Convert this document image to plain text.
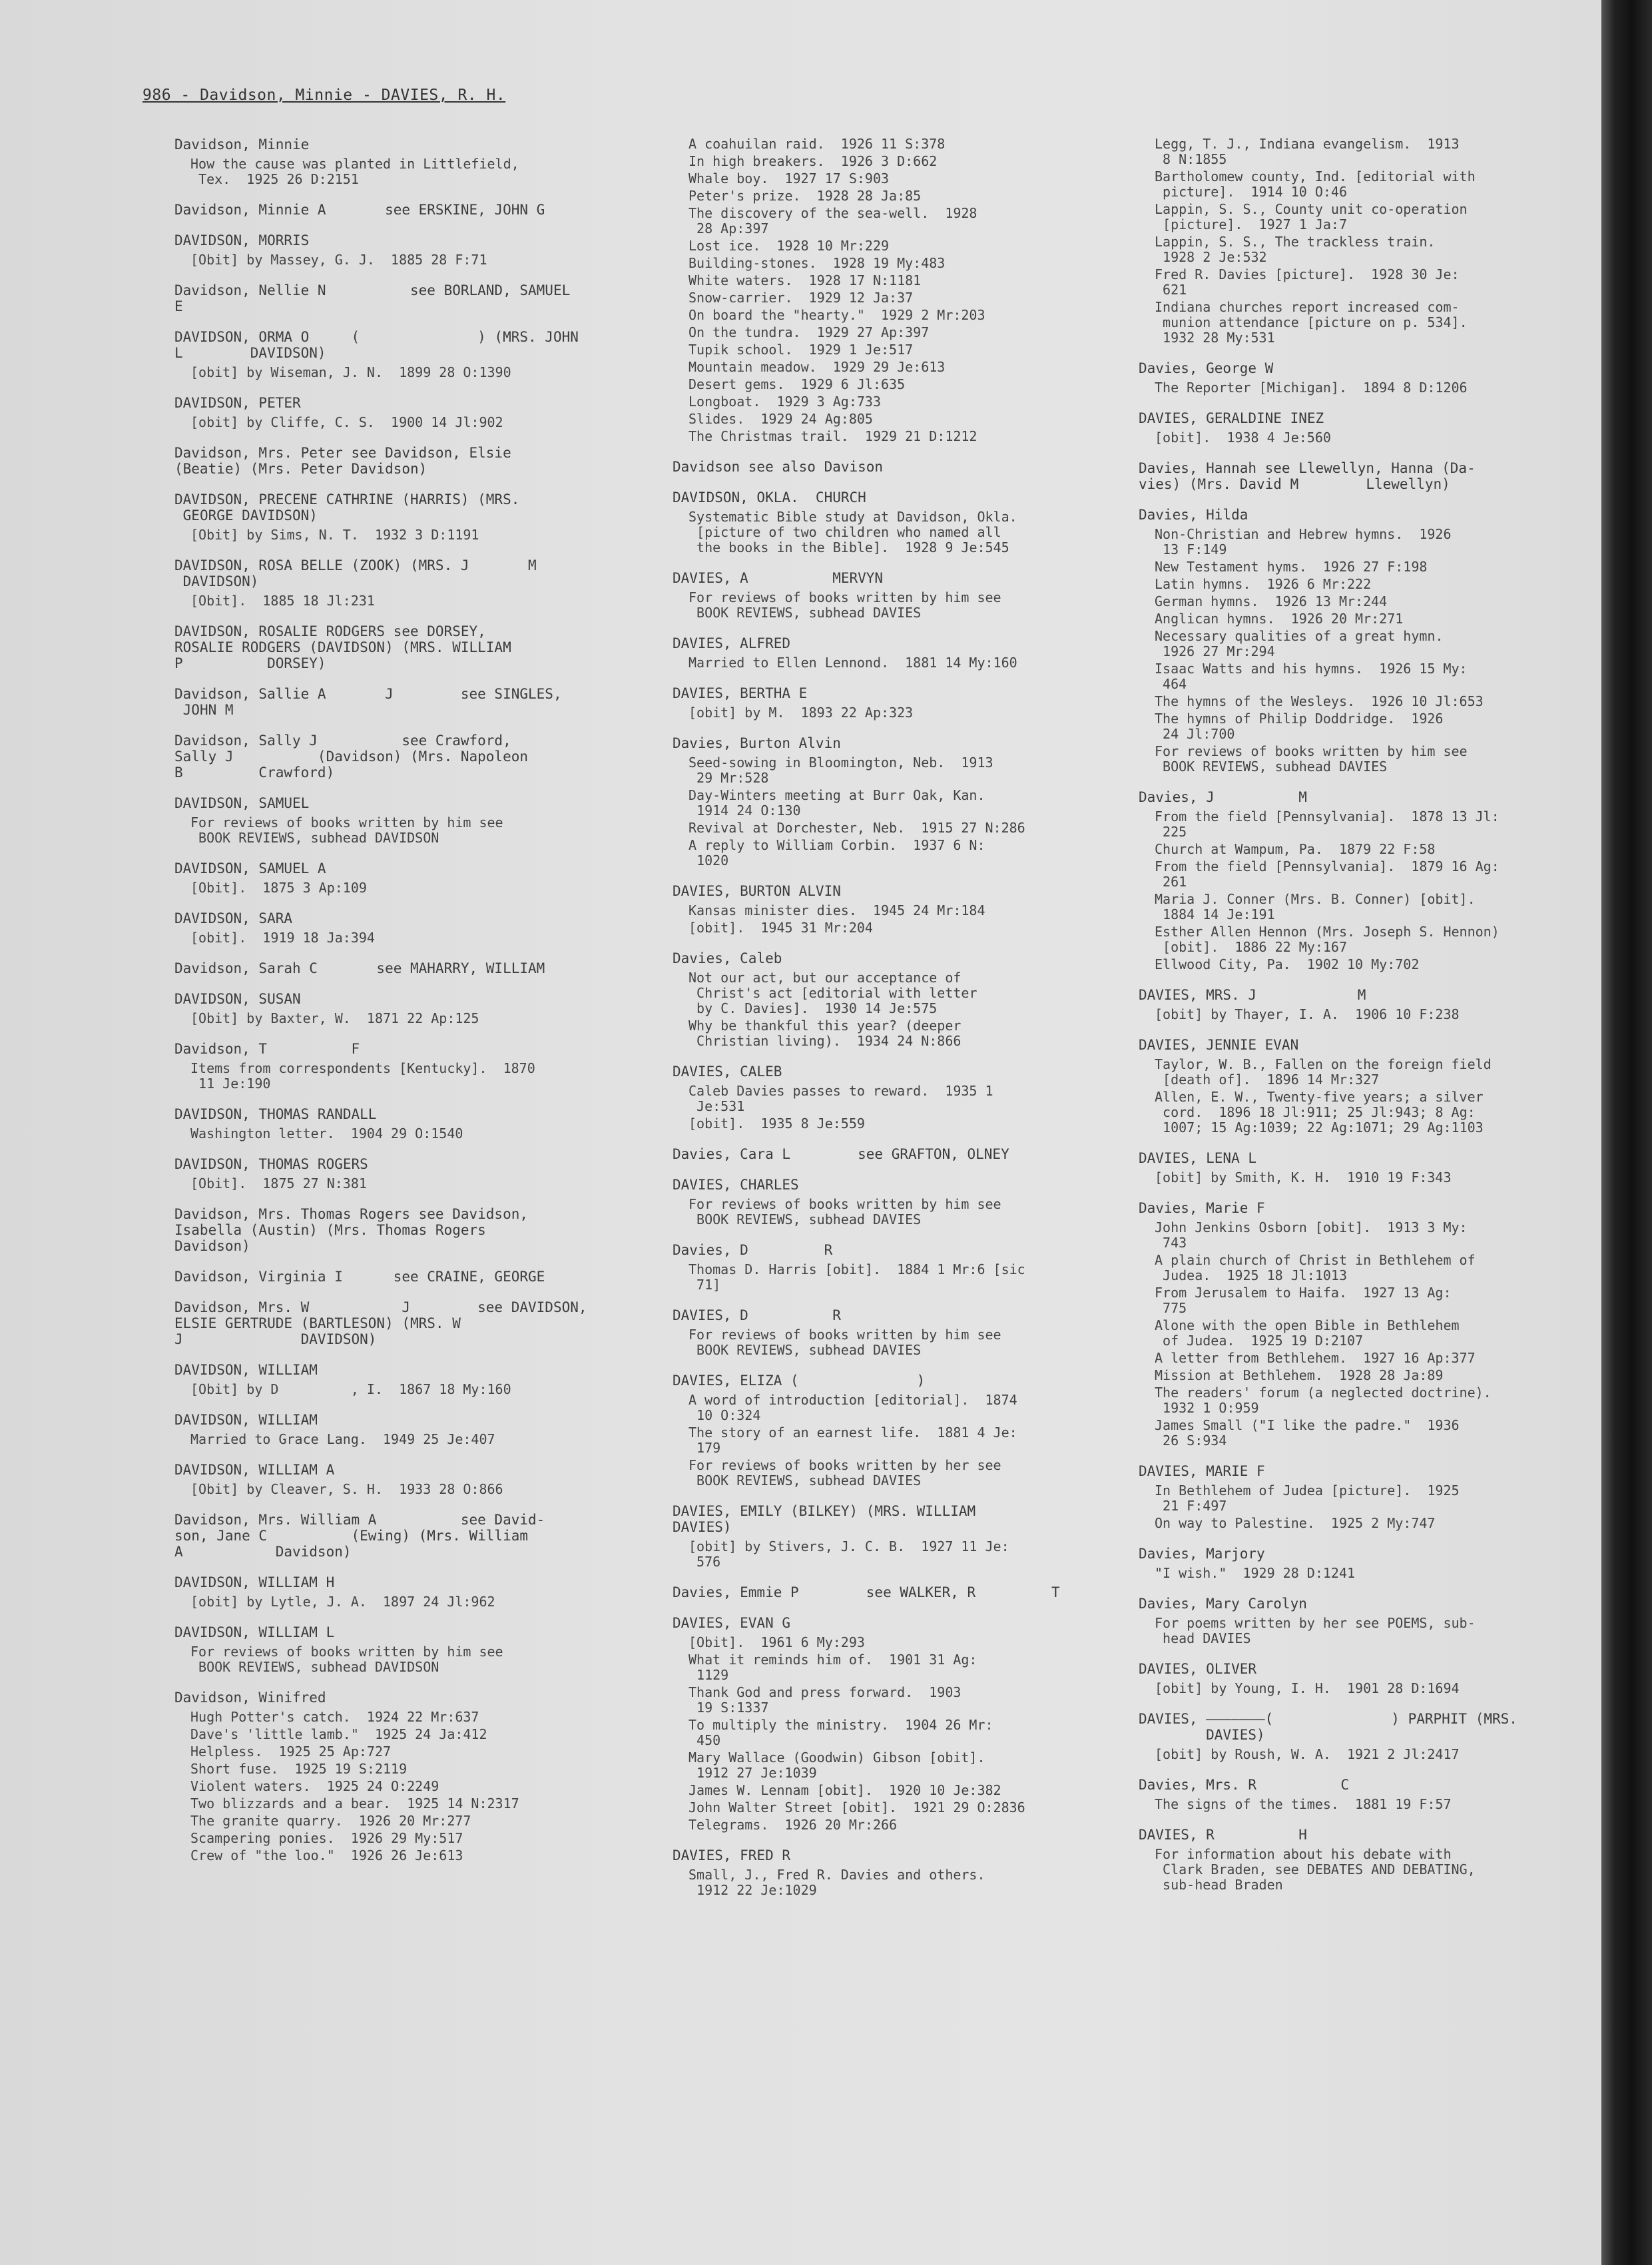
986 - Davidson, Minnie - DAVIES, R. H.
Davidson, Minnie
How the cause was planted in Littlefield,
Tex.  1925 26 D:2151
Davidson, Minnie A       see ERSKINE, JOHN G
DAVIDSON, MORRIS
[Obit] by Massey, G. J.  1885 28 F:71
Davidson, Nellie N          see BORLAND, SAMUEL
E
DAVIDSON, ORMA O     (              ) (MRS. JOHN
L        DAVIDSON)
[obit] by Wiseman, J. N.  1899 28 O:1390
DAVIDSON, PETER
[obit] by Cliffe, C. S.  1900 14 Jl:902
Davidson, Mrs. Peter see Davidson, Elsie
(Beatie) (Mrs. Peter Davidson)
DAVIDSON, PRECENE CATHRINE (HARRIS) (MRS.
GEORGE DAVIDSON)
[Obit] by Sims, N. T.  1932 3 D:1191
DAVIDSON, ROSA BELLE (ZOOK) (MRS. J       M
DAVIDSON)
[Obit].  1885 18 Jl:231
DAVIDSON, ROSALIE RODGERS see DORSEY,
ROSALIE RODGERS (DAVIDSON) (MRS. WILLIAM
P          DORSEY)
Davidson, Sallie A       J        see SINGLES,
JOHN M
Davidson, Sally J          see Crawford,
Sally J          (Davidson) (Mrs. Napoleon
B         Crawford)
DAVIDSON, SAMUEL
For reviews of books written by him see
BOOK REVIEWS, subhead DAVIDSON
DAVIDSON, SAMUEL A
[Obit].  1875 3 Ap:109
DAVIDSON, SARA
[obit].  1919 18 Ja:394
Davidson, Sarah C       see MAHARRY, WILLIAM
DAVIDSON, SUSAN
[Obit] by Baxter, W.  1871 22 Ap:125
Davidson, T          F
Items from correspondents [Kentucky].  1870
11 Je:190
DAVIDSON, THOMAS RANDALL
Washington letter.  1904 29 O:1540
DAVIDSON, THOMAS ROGERS
[Obit].  1875 27 N:381
Davidson, Mrs. Thomas Rogers see Davidson,
Isabella (Austin) (Mrs. Thomas Rogers
Davidson)
Davidson, Virginia I      see CRAINE, GEORGE
Davidson, Mrs. W           J        see DAVIDSON,
ELSIE GERTRUDE (BARTLESON) (MRS. W
J              DAVIDSON)
DAVIDSON, WILLIAM
[Obit] by D         , I.  1867 18 My:160
DAVIDSON, WILLIAM
Married to Grace Lang.  1949 25 Je:407
DAVIDSON, WILLIAM A
[Obit] by Cleaver, S. H.  1933 28 O:866
Davidson, Mrs. William A          see David-
son, Jane C          (Ewing) (Mrs. William
A           Davidson)
DAVIDSON, WILLIAM H
[obit] by Lytle, J. A.  1897 24 Jl:962
DAVIDSON, WILLIAM L
For reviews of books written by him see
BOOK REVIEWS, subhead DAVIDSON
Davidson, Winifred
Hugh Potter's catch.  1924 22 Mr:637
Dave's 'little lamb."  1925 24 Ja:412
Helpless.  1925 25 Ap:727
Short fuse.  1925 19 S:2119
Violent waters.  1925 24 O:2249
Two blizzards and a bear.  1925 14 N:2317
The granite quarry.  1926 20 Mr:277
Scampering ponies.  1926 29 My:517
Crew of "the loo."  1926 26 Je:613
A coahuilan raid.  1926 11 S:378
In high breakers.  1926 3 D:662
Whale boy.  1927 17 S:903
Peter's prize.  1928 28 Ja:85
The discovery of the sea-well.  1928
28 Ap:397
Lost ice.  1928 10 Mr:229
Building-stones.  1928 19 My:483
White waters.  1928 17 N:1181
Snow-carrier.  1929 12 Ja:37
On board the "hearty."  1929 2 Mr:203
On the tundra.  1929 27 Ap:397
Tupik school.  1929 1 Je:517
Mountain meadow.  1929 29 Je:613
Desert gems.  1929 6 Jl:635
Longboat.  1929 3 Ag:733
Slides.  1929 24 Ag:805
The Christmas trail.  1929 21 D:1212
Davidson see also Davison
DAVIDSON, OKLA.  CHURCH
Systematic Bible study at Davidson, Okla.
[picture of two children who named all
the books in the Bible].  1928 9 Je:545
DAVIES, A          MERVYN
For reviews of books written by him see
BOOK REVIEWS, subhead DAVIES
DAVIES, ALFRED
Married to Ellen Lennond.  1881 14 My:160
DAVIES, BERTHA E
[obit] by M.  1893 22 Ap:323
Davies, Burton Alvin
Seed-sowing in Bloomington, Neb.  1913
29 Mr:528
Day-Winters meeting at Burr Oak, Kan.
1914 24 O:130
Revival at Dorchester, Neb.  1915 27 N:286
A reply to William Corbin.  1937 6 N:
1020
DAVIES, BURTON ALVIN
Kansas minister dies.  1945 24 Mr:184
[obit].  1945 31 Mr:204
Davies, Caleb
Not our act, but our acceptance of
Christ's act [editorial with letter
by C. Davies].  1930 14 Je:575
Why be thankful this year? (deeper
Christian living).  1934 24 N:866
DAVIES, CALEB
Caleb Davies passes to reward.  1935 1
Je:531
[obit].  1935 8 Je:559
Davies, Cara L        see GRAFTON, OLNEY
DAVIES, CHARLES
For reviews of books written by him see
BOOK REVIEWS, subhead DAVIES
Davies, D         R
Thomas D. Harris [obit].  1884 1 Mr:6 [sic
71]
DAVIES, D          R
For reviews of books written by him see
BOOK REVIEWS, subhead DAVIES
DAVIES, ELIZA (              )
A word of introduction [editorial].  1874
10 O:324
The story of an earnest life.  1881 4 Je:
179
For reviews of books written by her see
BOOK REVIEWS, subhead DAVIES
DAVIES, EMILY (BILKEY) (MRS. WILLIAM
DAVIES)
[obit] by Stivers, J. C. B.  1927 11 Je:
576
Davies, Emmie P        see WALKER, R         T
DAVIES, EVAN G
[Obit].  1961 6 My:293
What it reminds him of.  1901 31 Ag:
1129
Thank God and press forward.  1903
19 S:1337
To multiply the ministry.  1904 26 Mr:
450
Mary Wallace (Goodwin) Gibson [obit].
1912 27 Je:1039
James W. Lennam [obit].  1920 10 Je:382
John Walter Street [obit].  1921 29 O:2836
Telegrams.  1926 20 Mr:266
DAVIES, FRED R
Small, J., Fred R. Davies and others.
1912 22 Je:1029
Legg, T. J., Indiana evangelism.  1913
8 N:1855
Bartholomew county, Ind. [editorial with
picture].  1914 10 O:46
Lappin, S. S., County unit co-operation
[picture].  1927 1 Ja:7
Lappin, S. S., The trackless train.
1928 2 Je:532
Fred R. Davies [picture].  1928 30 Je:
621
Indiana churches report increased com-
munion attendance [picture on p. 534].
1932 28 My:531
Davies, George W
The Reporter [Michigan].  1894 8 D:1206
DAVIES, GERALDINE INEZ
[obit].  1938 4 Je:560
Davies, Hannah see Llewellyn, Hanna (Da-
vies) (Mrs. David M        Llewellyn)
Davies, Hilda
Non-Christian and Hebrew hymns.  1926
13 F:149
New Testament hyms.  1926 27 F:198
Latin hymns.  1926 6 Mr:222
German hymns.  1926 13 Mr:244
Anglican hymns.  1926 20 Mr:271
Necessary qualities of a great hymn.
1926 27 Mr:294
Isaac Watts and his hymns.  1926 15 My:
464
The hymns of the Wesleys.  1926 10 Jl:653
The hymns of Philip Doddridge.  1926
24 Jl:700
For reviews of books written by him see
BOOK REVIEWS, subhead DAVIES
Davies, J          M
From the field [Pennsylvania].  1878 13 Jl:
225
Church at Wampum, Pa.  1879 22 F:58
From the field [Pennsylvania].  1879 16 Ag:
261
Maria J. Conner (Mrs. B. Conner) [obit].
1884 14 Je:191
Esther Allen Hennon (Mrs. Joseph S. Hennon)
[obit].  1886 22 My:167
Ellwood City, Pa.  1902 10 My:702
DAVIES, MRS. J            M
[obit] by Thayer, I. A.  1906 10 F:238
DAVIES, JENNIE EVAN
Taylor, W. B., Fallen on the foreign field
[death of].  1896 14 Mr:327
Allen, E. W., Twenty-five years; a silver
cord.  1896 18 Jl:911; 25 Jl:943; 8 Ag:
1007; 15 Ag:1039; 22 Ag:1071; 29 Ag:1103
DAVIES, LENA L
[obit] by Smith, K. H.  1910 19 F:343
Davies, Marie F
John Jenkins Osborn [obit].  1913 3 My:
743
A plain church of Christ in Bethlehem of
Judea.  1925 18 Jl:1013
From Jerusalem to Haifa.  1927 13 Ag:
775
Alone with the open Bible in Bethlehem
of Judea.  1925 19 D:2107
A letter from Bethlehem.  1927 16 Ap:377
Mission at Bethlehem.  1928 28 Ja:89
The readers' forum (a neglected doctrine).
1932 1 O:959
James Small ("I like the padre."  1936
26 S:934
DAVIES, MARIE F
In Bethlehem of Judea [picture].  1925
21 F:497
On way to Palestine.  1925 2 My:747
Davies, Marjory
"I wish."  1929 28 D:1241
Davies, Mary Carolyn
For poems written by her see POEMS, sub-
head DAVIES
DAVIES, OLIVER
[obit] by Young, I. H.  1901 28 D:1694
DAVIES, ———————(              ) PARPHIT (MRS.
DAVIES)
[obit] by Roush, W. A.  1921 2 Jl:2417
Davies, Mrs. R          C
The signs of the times.  1881 19 F:57
DAVIES, R          H
For information about his debate with
Clark Braden, see DEBATES AND DEBATING,
sub-head Braden
